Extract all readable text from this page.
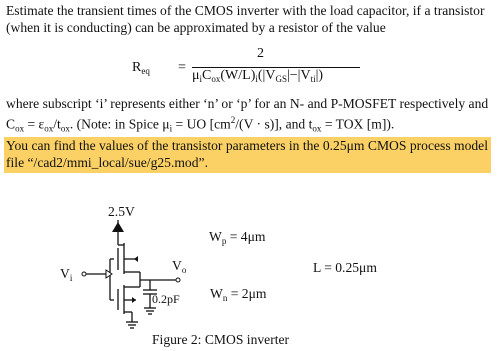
Estimate the transient times of the CMOS inverter with the load capacitor, if a transistor (when it is conducting) can be approximated by a resistor of the value

$R_{eq}$ =
2
$\mu_iC_{ox}(W/L)_i(|V_{GS}|-|V_{ti}|)$

where subscript ‘i’ represents either ‘n’ or ‘p’ for an N- and P-MOSFET respectively and $C_{ox} = \varepsilon_{ox}/t_{ox}$. (Note: in Spice $\mu_i$ = UO $[cm^2/(V \cdot s)]$, and $t_{ox}$ = TOX [m]).

You can find the values of the transistor parameters in the 0.25μm CMOS process model file “/cad2/mmi_local/sue/g25.mod”.

2.5V
$V_i$
$V_o$
0.2pF
$W_p = 4\mu m$
$W_n = 2\mu m$
L = 0.25μm
Figure 2: CMOS inverter
